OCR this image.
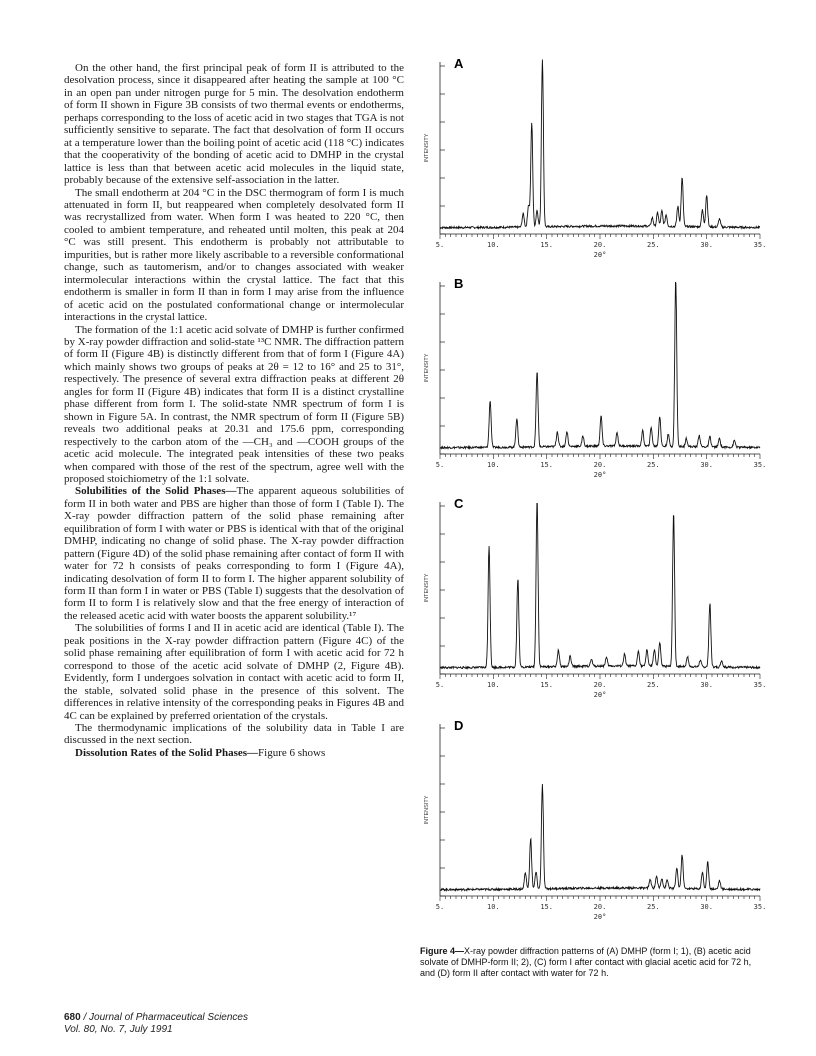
On the other hand, the first principal peak of form II is attributed to the desolvation process, since it disappeared after heating the sample at 100 °C in an open pan under nitrogen purge for 5 min. The desolvation endotherm of form II shown in Figure 3B consists of two thermal events or endotherms, perhaps corresponding to the loss of acetic acid in two stages that TGA is not sufficiently sensitive to separate. The fact that desolvation of form II occurs at a temperature lower than the boiling point of acetic acid (118 °C) indicates that the cooperativity of the bonding of acetic acid to DMHP in the crystal lattice is less than that between acetic acid molecules in the liquid state, probably because of the extensive self-association in the latter.

The small endotherm at 204 °C in the DSC thermogram of form I is much attenuated in form II, but reappeared when completely desolvated form II was recrystallized from water. When form I was heated to 220 °C, then cooled to ambient temperature, and reheated until molten, this peak at 204 °C was still present. This endotherm is probably not attributable to impurities, but is rather more likely ascribable to a reversible conformational change, such as tautomerism, and/or to changes associated with weaker intermolecular interactions within the crystal lattice. The fact that this endotherm is smaller in form II than in form I may arise from the influence of acetic acid on the postulated conformational change or intermolecular interactions in the crystal lattice.

The formation of the 1:1 acetic acid solvate of DMHP is further confirmed by X-ray powder diffraction and solid-state ¹³C NMR. The diffraction pattern of form II (Figure 4B) is distinctly different from that of form I (Figure 4A) which mainly shows two groups of peaks at 2θ = 12 to 16° and 25 to 31°, respectively. The presence of several extra diffraction peaks at different 2θ angles for form II (Figure 4B) indicates that form II is a distinct crystalline phase different from form I. The solid-state NMR spectrum of form I is shown in Figure 5A. In contrast, the NMR spectrum of form II (Figure 5B) reveals two additional peaks at 20.31 and 175.6 ppm, corresponding respectively to the carbon atom of the —CH₃ and —COOH groups of the acetic acid molecule. The integrated peak intensities of these two peaks when compared with those of the rest of the spectrum, agree well with the proposed stoichiometry of the 1:1 solvate.

Solubilities of the Solid Phases—The apparent aqueous solubilities of form II in both water and PBS are higher than those of form I (Table I). The X-ray powder diffraction pattern of the solid phase remaining after equilibration of form I with water or PBS is identical with that of the original DMHP, indicating no change of solid phase. The X-ray powder diffraction pattern (Figure 4D) of the solid phase remaining after contact of form II with water for 72 h consists of peaks corresponding to form I (Figure 4A), indicating desolvation of form II to form I. The higher apparent solubility of form II than form I in water or PBS (Table I) suggests that the desolvation of form II to form I is relatively slow and that the free energy of interaction of the released acetic acid with water boosts the apparent solubility.¹⁷

The solubilities of forms I and II in acetic acid are identical (Table I). The peak positions in the X-ray powder diffraction pattern (Figure 4C) of the solid phase remaining after equilibration of form I with acetic acid for 72 h correspond to those of the acetic acid solvate of DMHP (2, Figure 4B). Evidently, form I undergoes solvation in contact with acetic acid to form II, the stable, solvated solid phase in the presence of this solvent. The differences in relative intensity of the corresponding peaks in Figures 4B and 4C can be explained by preferred orientation of the crystals.

The thermodynamic implications of the solubility data in Table I are discussed in the next section.

Dissolution Rates of the Solid Phases—Figure 6 shows

680 / Journal of Pharmaceutical Sciences
Vol. 80, No. 7, July 1991
INTENSITY
A
5.	10.	15.	20.	25.	30.	35.
2θ°
INTENSITY
B
5.	10.	15.	20.	25.	30.	35.
2θ°
INTENSITY
C
5.	10.	15.	20.	25.	30.	35.
2θ°
INTENSITY
D
5.	10.	15.	20.	25.	30.	35.
2θ°
Figure 4—X-ray powder diffraction patterns of (A) DMHP (form I; 1), (B) acetic acid solvate of DMHP-form II; 2), (C) form I after contact with glacial acetic acid for 72 h, and (D) form II after contact with water for 72 h.
